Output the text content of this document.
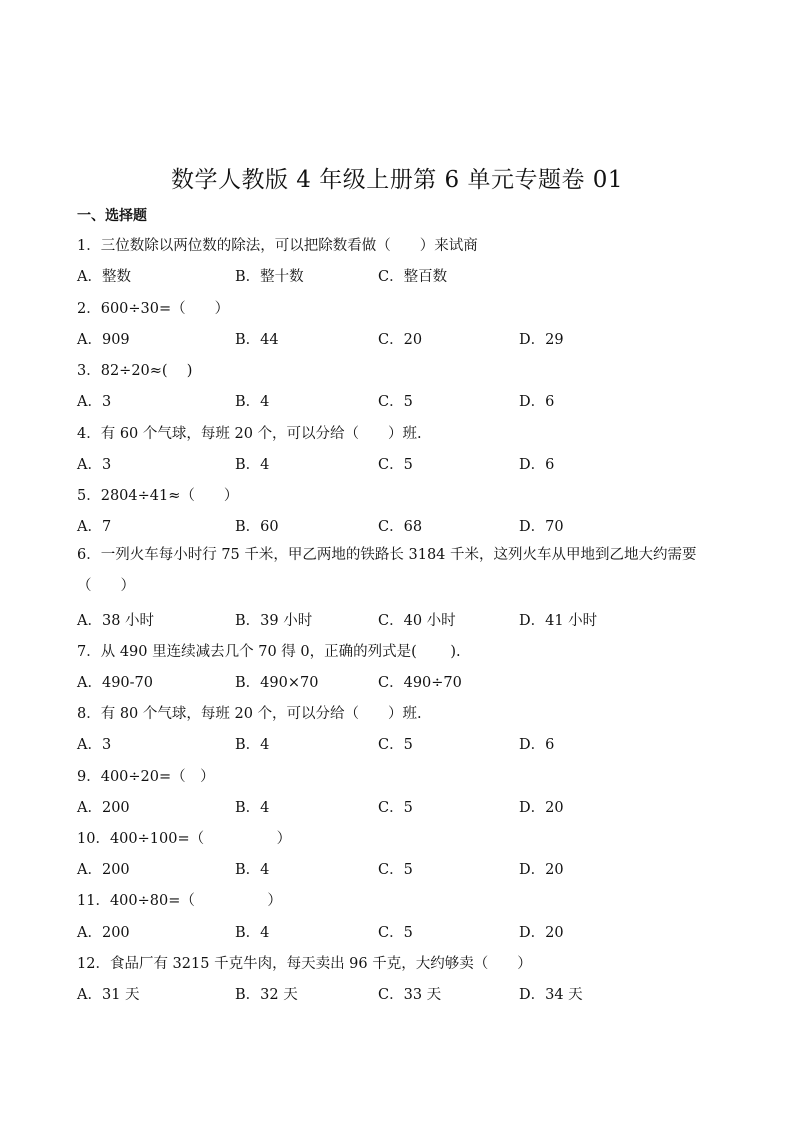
数学人教版 4 年级上册第 6 单元专题卷 01
一、选择题
1．三位数除以两位数的除法，可以把除数看做（　　）来试商
A．整数	B．整十数	C．整百数
2．600÷30=（　　）
A．909	B．44	C．20	D．29
3．82÷20≈(　 )
A．3	B．4	C．5	D．6
4．有 60 个气球，每班 20 个，可以分给（　　）班.
A．3	B．4	C．5	D．6
5．2804÷41≈（　　）
A．7	B．60	C．68	D．70
6．一列火车每小时行 75 千米，甲乙两地的铁路长 3184 千米，这列火车从甲地到乙地大约需要（　　）
A．38 小时	B．39 小时	C．40 小时	D．41 小时
7．从 490 里连续减去几个 70 得 0，正确的列式是(　　 ).
A．490-70	B．490×70	C．490÷70
8．有 80 个气球，每班 20 个，可以分给（　　）班.
A．3	B．4	C．5	D．6
9．400÷20=（　）
A．200	B．4	C．5	D．20
10．400÷100=（　　　　　）
A．200	B．4	C．5	D．20
11．400÷80=（　　　　　）
A．200	B．4	C．5	D．20
12．食品厂有 3215 千克牛肉，每天卖出 96 千克，大约够卖（　　）
A．31 天	B．32 天	C．33 天	D．34 天
